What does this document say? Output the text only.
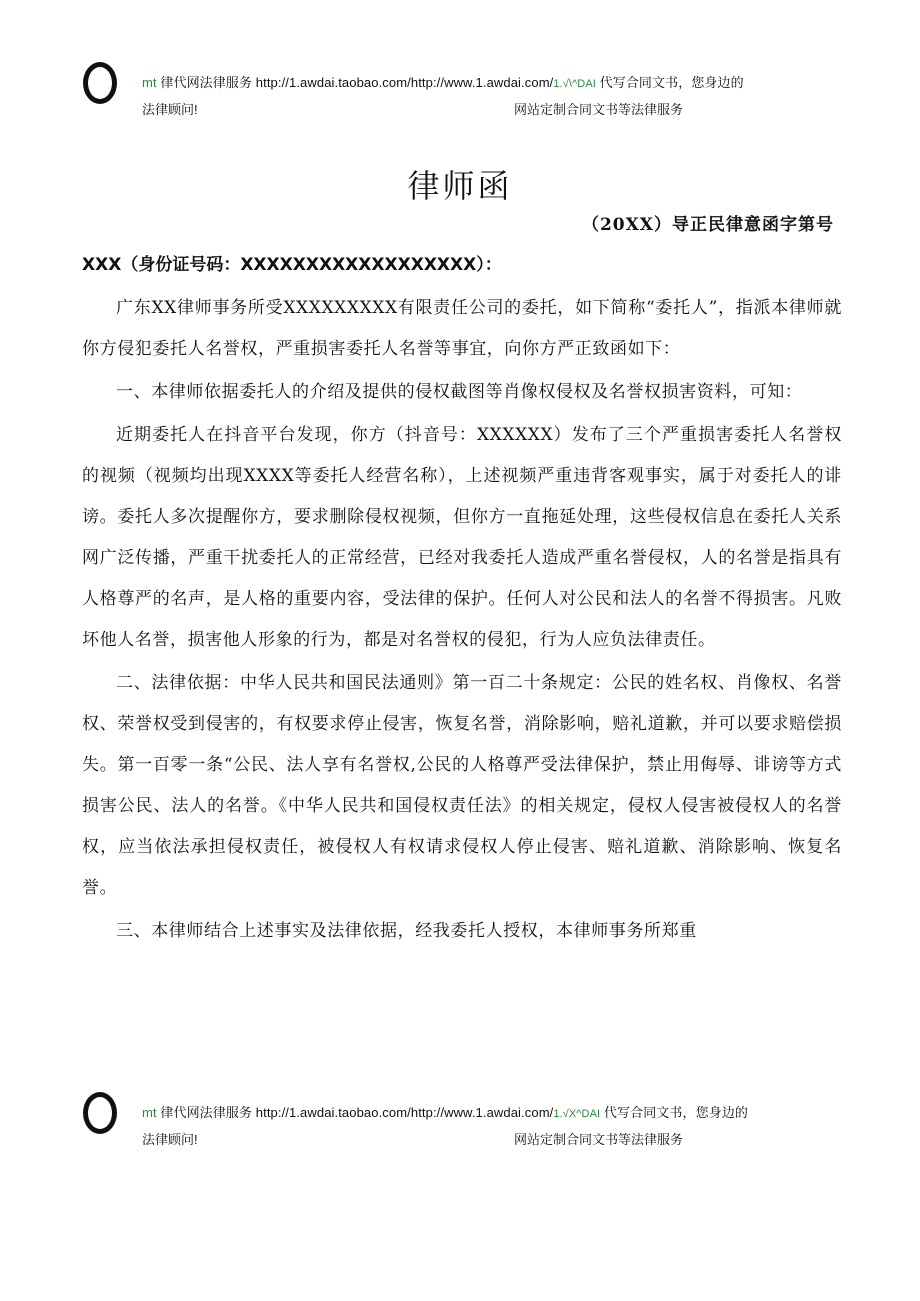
mt 律代网法律服务 http://1.awdai.taobao.com/http://www.1.awdai.com/1.√\^DAI 代写合同文书，您身边的
法律顾问!	网站定制合同文书等法律服务
律师函
（20XX）导正民律意函字第号
XXX（身份证号码：XXXXXXXXXXXXXXXXXX）：

广东XX律师事务所受XXXXXXXXX有限责任公司的委托，如下简称“委托人”，指派本律师就你方侵犯委托人名誉权，严重损害委托人名誉等事宜，向你方严正致函如下：

一、本律师依据委托人的介绍及提供的侵权截图等肖像权侵权及名誉权损害资料，可知：

近期委托人在抖音平台发现，你方（抖音号：XXXXXX）发布了三个严重损害委托人名誉权的视频（视频均出现XXXX等委托人经营名称），上述视频严重违背客观事实，属于对委托人的诽谤。委托人多次提醒你方，要求删除侵权视频，但你方一直拖延处理，这些侵权信息在委托人关系网广泛传播，严重干扰委托人的正常经营，已经对我委托人造成严重名誉侵权，人的名誉是指具有人格尊严的名声，是人格的重要内容，受法律的保护。任何人对公民和法人的名誉不得损害。凡败坏他人名誉，损害他人形象的行为，都是对名誉权的侵犯，行为人应负法律责任。

二、法律依据：中华人民共和国民法通则》第一百二十条规定：公民的姓名权、肖像权、名誉权、荣誉权受到侵害的，有权要求停止侵害，恢复名誉，消除影响，赔礼道歉，并可以要求赔偿损失。第一百零一条“公民、法人享有名誉权,公民的人格尊严受法律保护，禁止用侮辱、诽谤等方式损害公民、法人的名誉。《中华人民共和国侵权责任法》的相关规定，侵权人侵害被侵权人的名誉权，应当依法承担侵权责任，被侵权人有权请求侵权人停止侵害、赔礼道歉、消除影响、恢复名誉。

三、本律师结合上述事实及法律依据，经我委托人授权，本律师事务所郑重

mt 律代网法律服务 http://1.awdai.taobao.com/http://www.1.awdai.com/1.√X^DAI 代写合同文书，您身边的
法律顾问!	网站定制合同文书等法律服务
